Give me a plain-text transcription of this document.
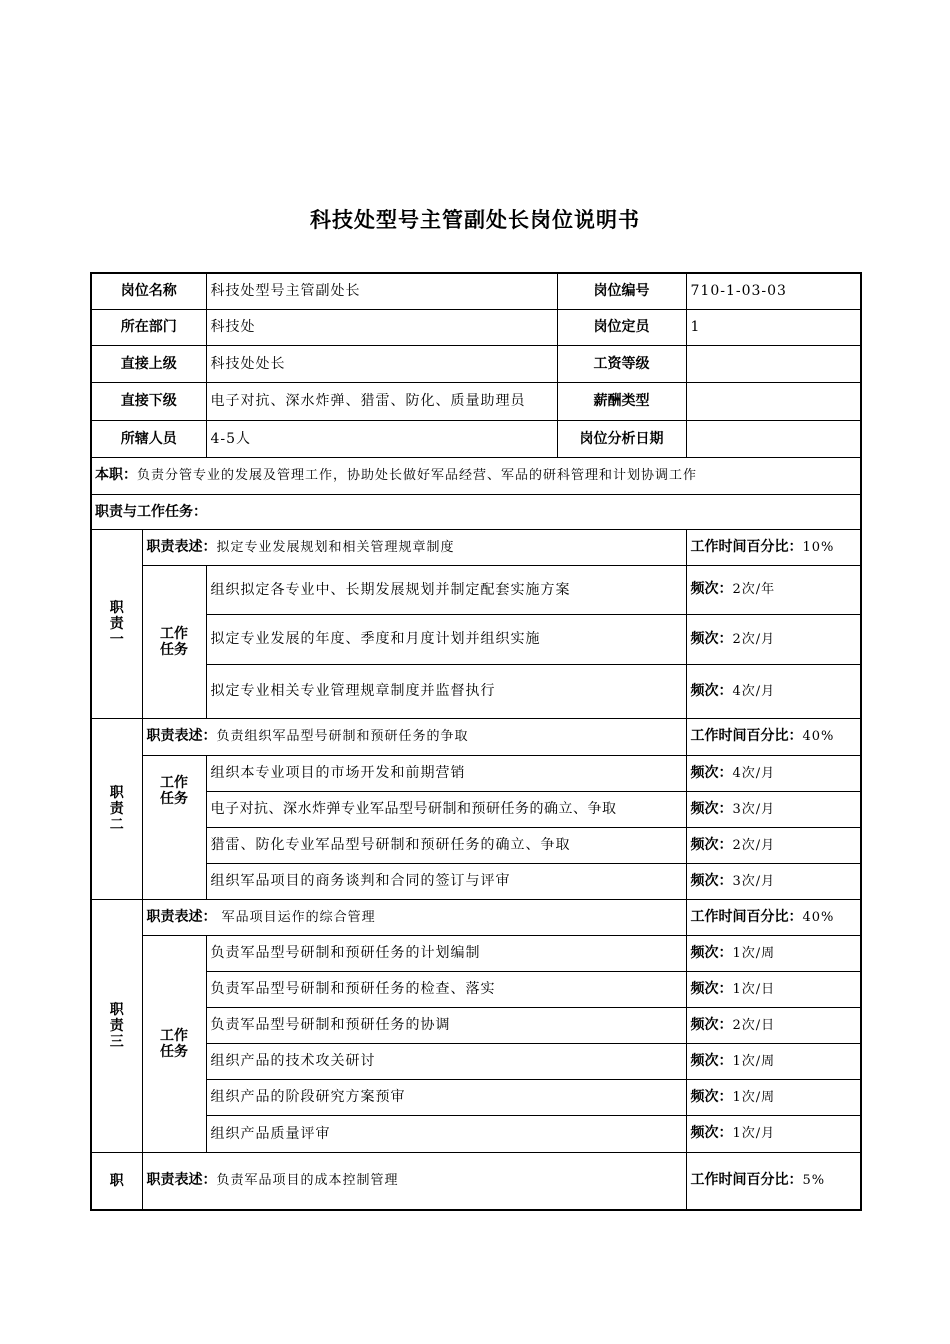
科技处型号主管副处长岗位说明书
岗位名称		科技处型号主管副处长	岗位编号	710-1-03-03
所在部门		科技处	岗位定员	1
直接上级		科技处处长	工资等级	
直接下级		电子对抗、深水炸弹、猎雷、防化、质量助理员	薪酬类型	
所辖人员		4-5人	岗位分析日期	
本职：负责分管专业的发展及管理工作，协助处长做好军品经营、军品的研科管理和计划协调工作				
职责与工作任务：				
职
责
一	职责表述：拟定专业发展规划和相关管理规章制度			工作时间百分比：10%
	工作
任务	组织拟定各专业中、长期发展规划并制定配套实施方案		频次：2次/年
		拟定专业发展的年度、季度和月度计划并组织实施		频次：2次/月
		拟定专业相关专业管理规章制度并监督执行		频次：4次/月
职
责
二	职责表述：负责组织军品型号研制和预研任务的争取			工作时间百分比：40%
	工作
任务	组织本专业项目的市场开发和前期营销		频次：4次/月
		电子对抗、深水炸弹专业军品型号研制和预研任务的确立、争取		频次：3次/月
		猎雷、防化专业军品型号研制和预研任务的确立、争取		频次：2次/月
		组织军品项目的商务谈判和合同的签订与评审		频次：3次/月
职
责
三	职责表述： 军品项目运作的综合管理			工作时间百分比：40%
	工作
任务	负责军品型号研制和预研任务的计划编制		频次：1次/周
		负责军品型号研制和预研任务的检查、落实		频次：1次/日
		负责军品型号研制和预研任务的协调		频次：2次/日
		组织产品的技术攻关研讨		频次：1次/周
		组织产品的阶段研究方案预审		频次：1次/周
		组织产品质量评审		频次：1次/月
职	职责表述：负责军品项目的成本控制管理			工作时间百分比：5%
